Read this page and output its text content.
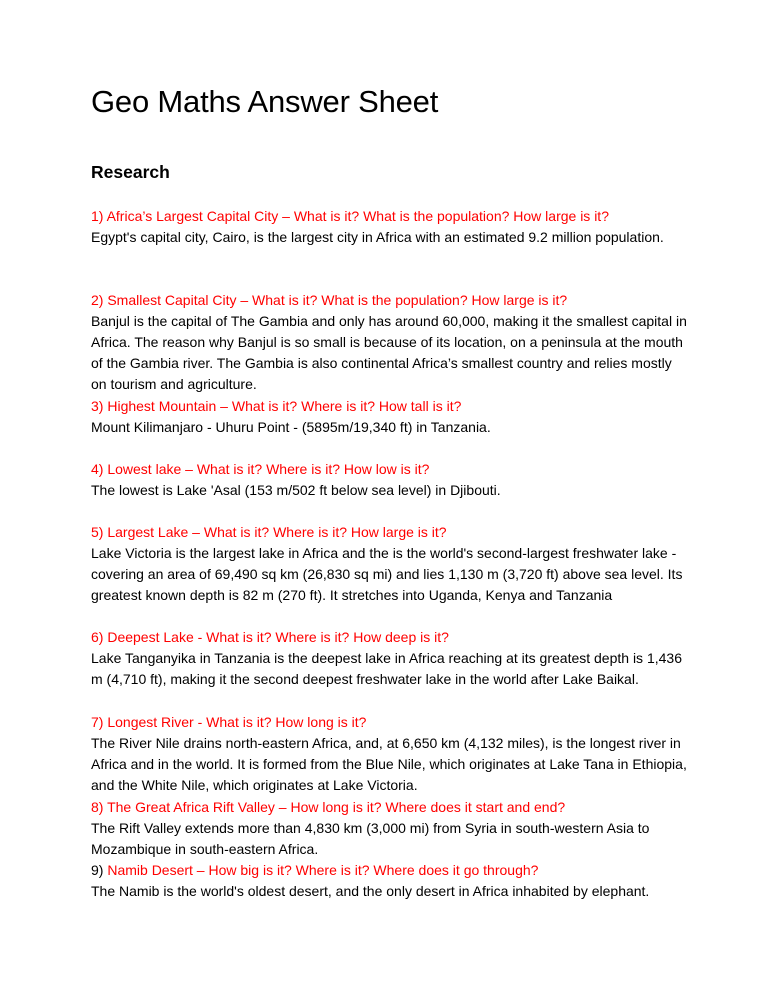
Geo Maths Answer Sheet
Research

1) Africa’s Largest Capital City – What is it? What is the population? How large is it?

Egypt's capital city, Cairo, is the largest city in Africa with an estimated 9.2 million population.

2) Smallest Capital City – What is it? What is the population? How large is it?

Banjul is the capital of The Gambia and only has around 60,000, making it the smallest capital in Africa. The reason why Banjul is so small is because of its location, on a peninsula at the mouth of the Gambia river. The Gambia is also continental Africa’s smallest country and relies mostly on tourism and agriculture.

3) Highest Mountain – What is it? Where is it? How tall is it?

Mount Kilimanjaro - Uhuru Point - (5895m/19,340 ft) in Tanzania.

4) Lowest lake – What is it? Where is it? How low is it?

The lowest is Lake 'Asal (153 m/502 ft below sea level) in Djibouti.

5) Largest Lake – What is it? Where is it? How large is it?

Lake Victoria is the largest lake in Africa and the is the world's second-largest freshwater lake - covering an area of 69,490 sq km (26,830 sq mi) and lies 1,130 m (3,720 ft) above sea level. Its greatest known depth is 82 m (270 ft). It stretches into Uganda, Kenya and Tanzania

6) Deepest Lake - What is it? Where is it? How deep is it?

Lake Tanganyika in Tanzania is the deepest lake in Africa reaching at its greatest depth is 1,436 m (4,710 ft), making it the second deepest freshwater lake in the world after Lake Baikal.

7) Longest River - What is it? How long is it?

The River Nile drains north-eastern Africa, and, at 6,650 km (4,132 miles), is the longest river in Africa and in the world. It is formed from the Blue Nile, which originates at Lake Tana in Ethiopia, and the White Nile, which originates at Lake Victoria.

8) The Great Africa Rift Valley – How long is it? Where does it start and end?

The Rift Valley extends more than 4,830 km (3,000 mi) from Syria in south-western Asia to Mozambique in south-eastern Africa.

9) Namib Desert – How big is it? Where is it? Where does it go through?

The Namib is the world's oldest desert, and the only desert in Africa inhabited by elephant.
